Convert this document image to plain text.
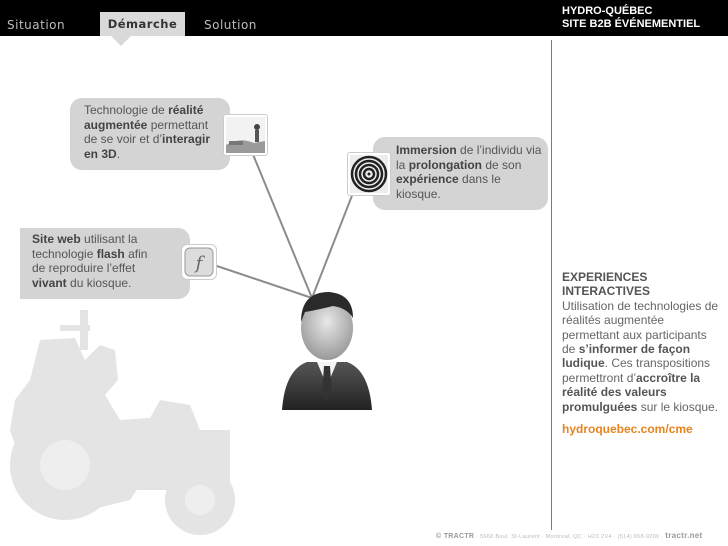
Situation	Démarche	Solution
HYDRO-QUÉBEC
SITE B2B ÉVÉNEMENTIEL
Technologie de réalité augmentée permettant de se voir et d’interagir en 3D.	Immersion de l’individu via la prolongation de son expérience dans le kiosque.
Site web utilisant la technologie flash afin de reproduire l’effet vivant du kiosque.
f
EXPERIENCES INTERACTIVES
Utilisation de technologies de réalités augmentée permettant aux participants de s’informer de façon ludique. Ces transpositions permettront d’accroître la réalité des valeurs promulguées sur le kiosque.
hydroquebec.com/cme
© TRACTR · 5668 Boul. St-Laurent · Montréal, QC · H2X 2V4 · (514) 658-9200 · tractr.net
